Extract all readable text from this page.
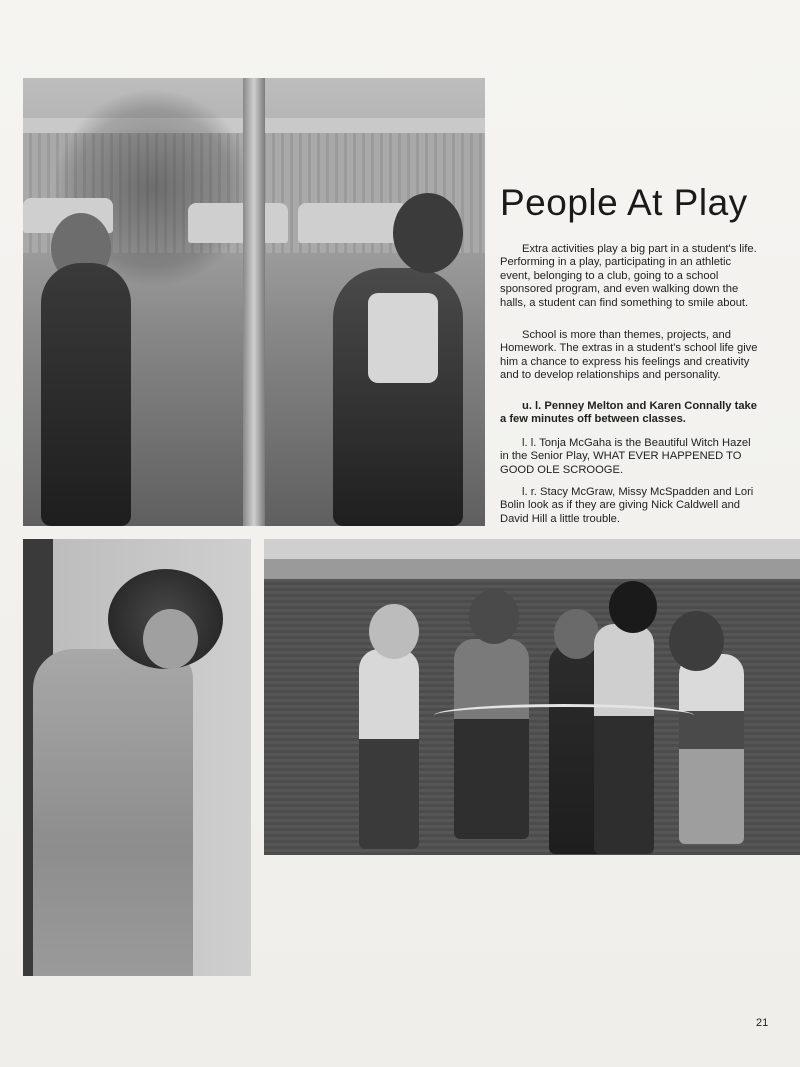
People At Play

Extra activities play a big part in a student's life. Performing in a play, participating in an athletic event, belonging to a club, going to a school sponsored program, and even walking down the halls, a student can find something to smile about.

School is more than themes, projects, and Homework. The extras in a student's school life give him a chance to express his feelings and creativity and to develop relationships and personality.

u. l. Penney Melton and Karen Connally take a few minutes off between classes.

l. l. Tonja McGaha is the Beautiful Witch Hazel in the Senior Play, WHAT EVER HAPPENED TO GOOD OLE SCROOGE.

l. r. Stacy McGraw, Missy McSpadden and Lori Bolin look as if they are giving Nick Caldwell and David Hill a little trouble.

21
